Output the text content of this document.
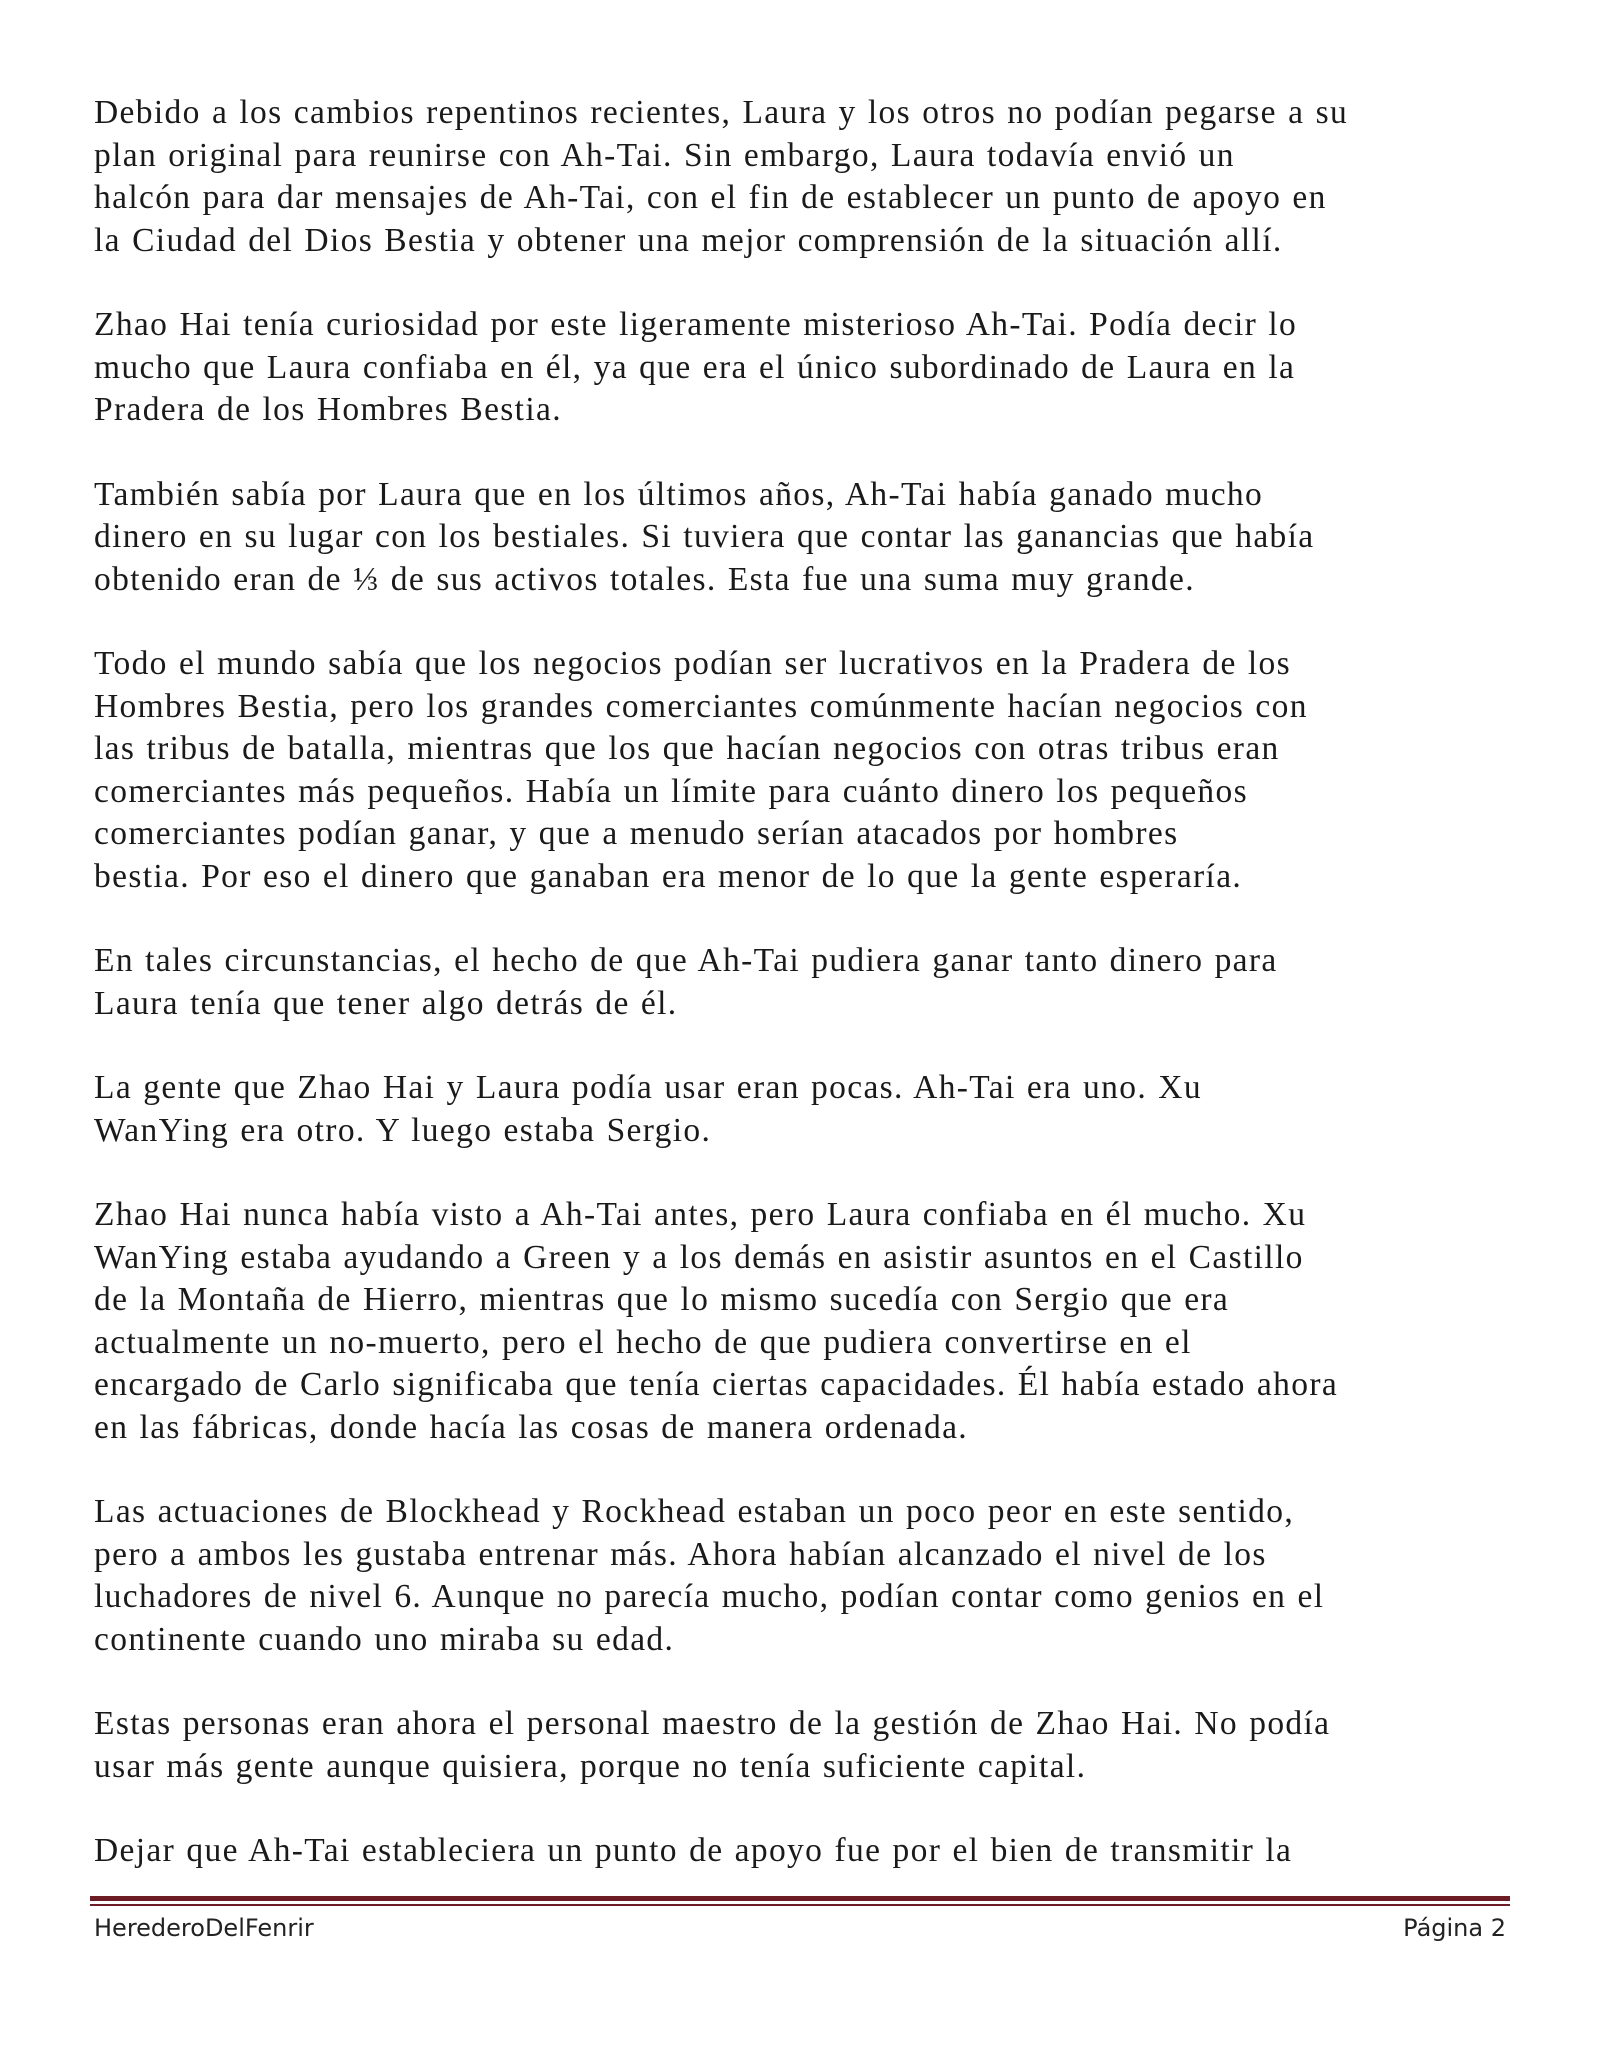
Debido a los cambios repentinos recientes, Laura y los otros no podían pegarse a su
plan original para reunirse con Ah-Tai. Sin embargo, Laura todavía envió un
halcón para dar mensajes de Ah-Tai, con el fin de establecer un punto de apoyo en
la Ciudad del Dios Bestia y obtener una mejor comprensión de la situación allí.

Zhao Hai tenía curiosidad por este ligeramente misterioso Ah-Tai. Podía decir lo
mucho que Laura confiaba en él, ya que era el único subordinado de Laura en la
Pradera de los Hombres Bestia.

También sabía por Laura que en los últimos años, Ah-Tai había ganado mucho
dinero en su lugar con los bestiales. Si tuviera que contar las ganancias que había
obtenido eran de ⅓ de sus activos totales. Esta fue una suma muy grande.

Todo el mundo sabía que los negocios podían ser lucrativos en la Pradera de los
Hombres Bestia, pero los grandes comerciantes comúnmente hacían negocios con
las tribus de batalla, mientras que los que hacían negocios con otras tribus eran
comerciantes más pequeños. Había un límite para cuánto dinero los pequeños
comerciantes podían ganar, y que a menudo serían atacados por hombres
bestia. Por eso el dinero que ganaban era menor de lo que la gente esperaría.

En tales circunstancias, el hecho de que Ah-Tai pudiera ganar tanto dinero para
Laura tenía que tener algo detrás de él.

La gente que Zhao Hai y Laura podía usar eran pocas. Ah-Tai era uno. Xu
WanYing era otro. Y luego estaba Sergio.

Zhao Hai nunca había visto a Ah-Tai antes, pero Laura confiaba en él mucho. Xu
WanYing estaba ayudando a Green y a los demás en asistir asuntos en el Castillo
de la Montaña de Hierro, mientras que lo mismo sucedía con Sergio que era
actualmente un no-muerto, pero el hecho de que pudiera convertirse en el
encargado de Carlo significaba que tenía ciertas capacidades. Él había estado ahora
en las fábricas, donde hacía las cosas de manera ordenada.

Las actuaciones de Blockhead y Rockhead estaban un poco peor en este sentido,
pero a ambos les gustaba entrenar más. Ahora habían alcanzado el nivel de los
luchadores de nivel 6. Aunque no parecía mucho, podían contar como genios en el
continente cuando uno miraba su edad.

Estas personas eran ahora el personal maestro de la gestión de Zhao Hai. No podía
usar más gente aunque quisiera, porque no tenía suficiente capital.

Dejar que Ah-Tai estableciera un punto de apoyo fue por el bien de transmitir la

HerederoDelFenrir	Página 2
